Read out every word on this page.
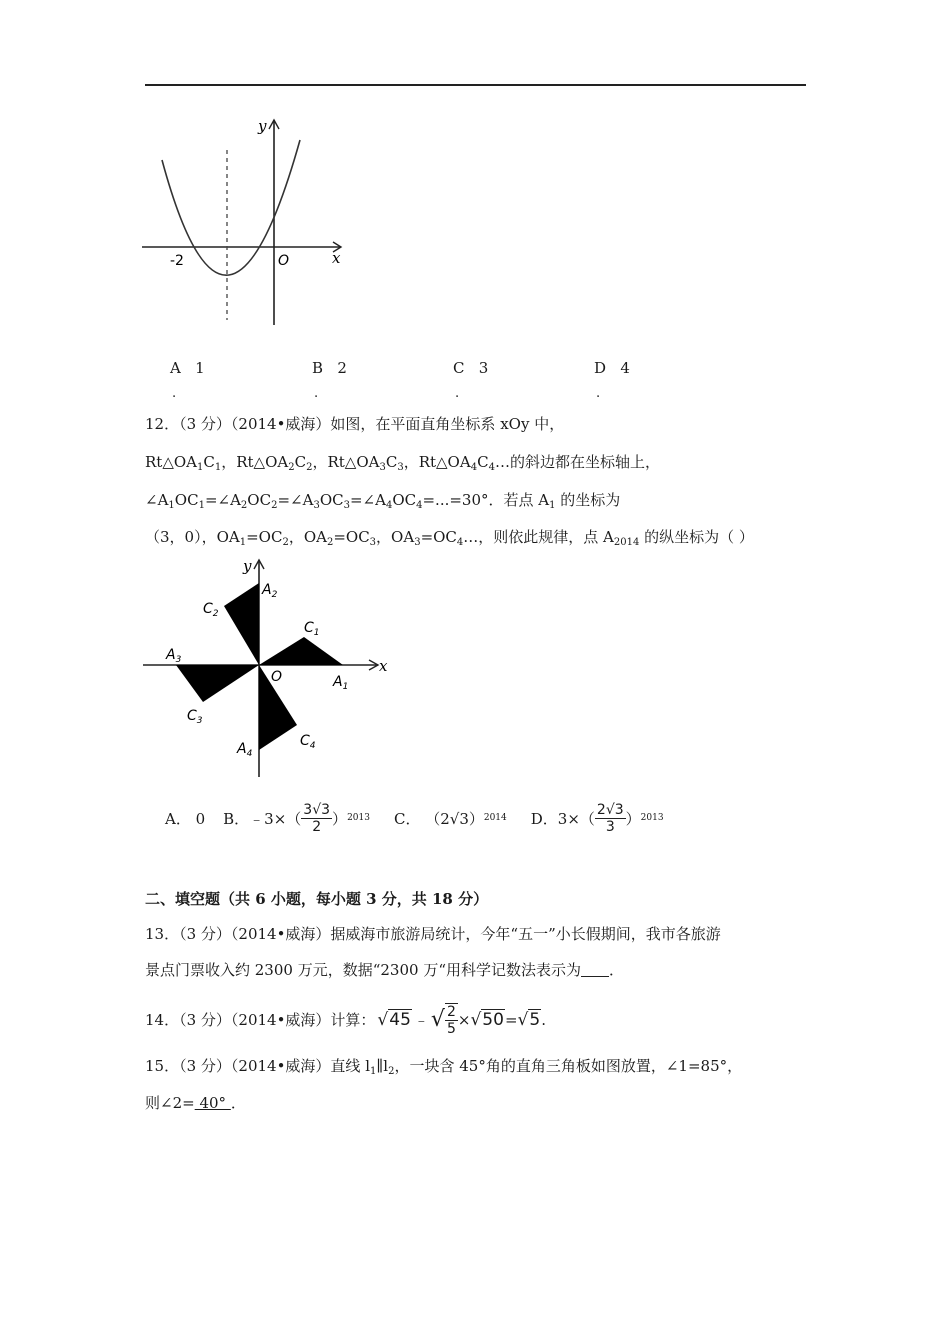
y
x
O
-2
A 1
.
B 2
.
C 3
.
D 4
.
12．（3 分）（2014•威海）如图，在平面直角坐标系 xOy 中，
$Rt\triangle OA_1C_1$，$Rt\triangle OA_2C_2$，$Rt\triangle OA_3C_3$，$Rt\triangle OA_4C_4\dots$的斜边都在坐标轴上，
$\angle A_1OC_1=\angle A_2OC_2=\angle A_3OC_3=\angle A_4OC_4=...=30^\circ$．若点 $A_1$ 的坐标为
（3，0），$OA_1=OC_2$，$OA_2=OC_3$，$OA_3=OC_4\dots$，则依此规律，点 $A_{2014}$ 的纵坐标为（ ）
y
x
O	$A_1$
$C_1$
$A_2$
$C_2$
$A_3$
$C_3$
$A_4$
$C_4$
A． 0 B．﹣3×（ $\frac{3√3}{2}$ ） 2013 C． （2√3） 2014 D．$3\times( \frac{2√3}{3}$ ） 2013
二、填空题（共 6 小题，每小题 3 分，共 18 分）
13．（3 分）（2014•威海）据威海市旅游局统计，今年“五一”小长假期间，我市各旅游
景点门票收入约 2300 万元，数据“2300 万“用科学记数法表示为 ．
14．（3 分）（2014•威海）计算： √45 ﹣ √ $\frac{2}{5} \times √50 = √5$ .
15．（3 分）（2014•威海）直线 $l_1\parallel l_2$，一块含 45°角的直角三角板如图放置，∠1=85°，
则∠2= 40° ．
